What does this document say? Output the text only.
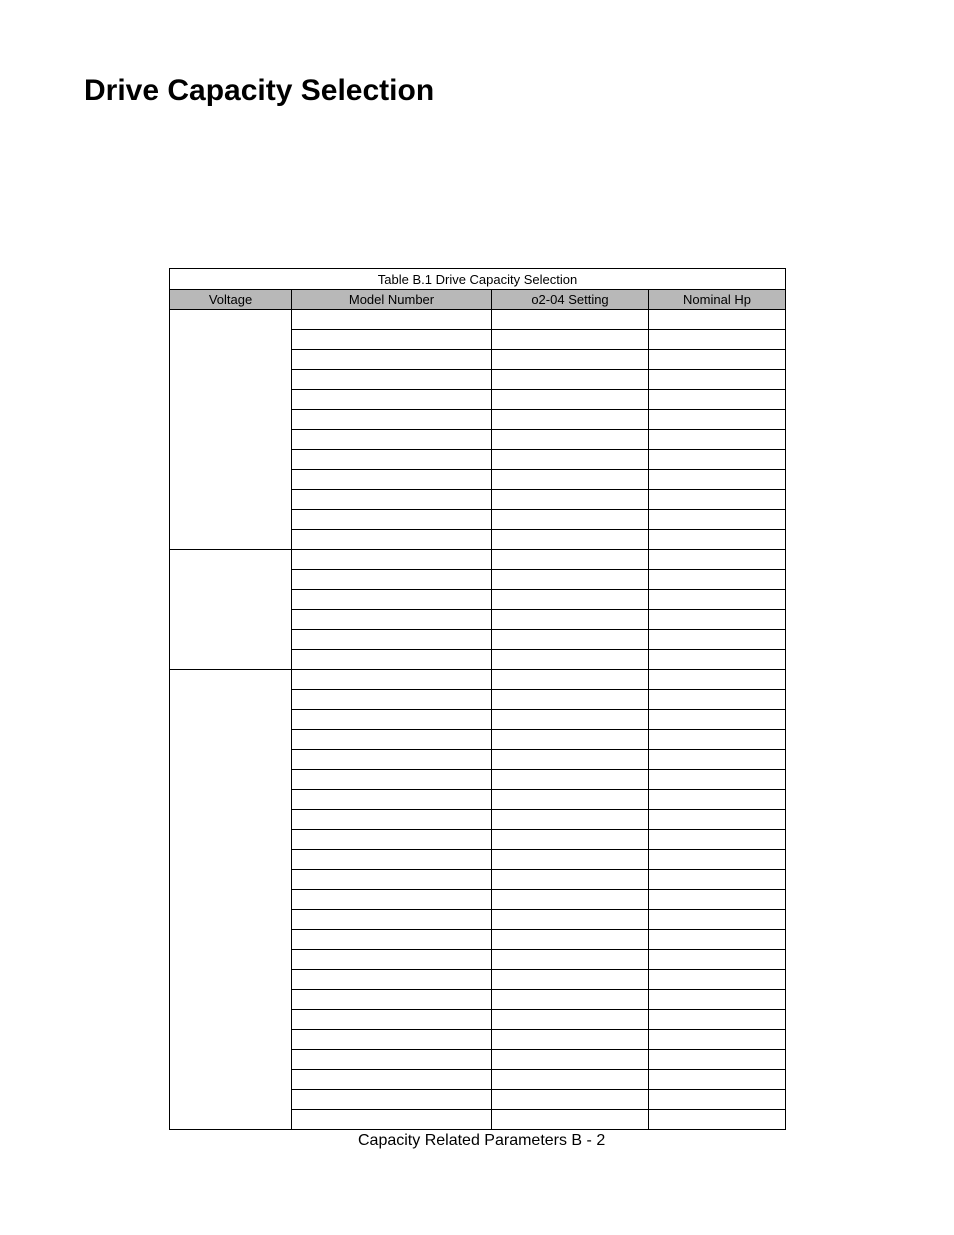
Drive Capacity Selection
Table B.1 Drive Capacity Selection			
Voltage	Model Number	o2-04 Setting	Nominal Hp

Capacity Related Parameters B - 2
